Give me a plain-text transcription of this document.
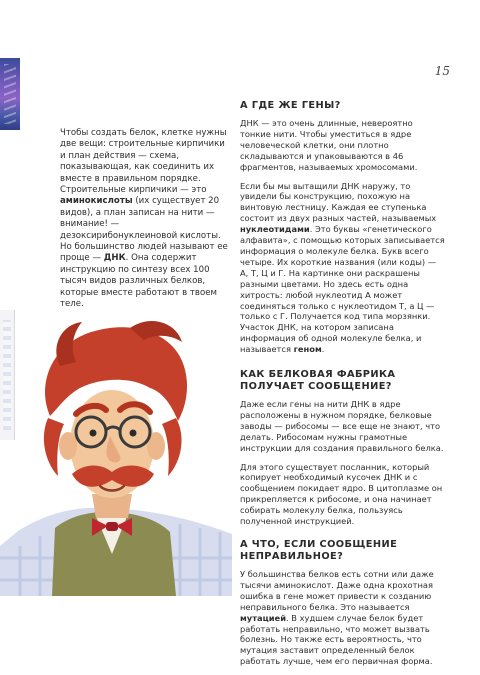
15

Чтобы создать белок, клетке нужны две вещи: строительные кирпичики и план действия — схема, показывающая, как соединить их вместе в правильном порядке. Строительные кирпичики — это аминокислоты (их существует 20 видов), а план записан на нити — внимание! — дезоксирибонуклеиновой кислоты. Но большинство людей называют ее проще — ДНК. Она содержит инструкцию по синтезу всех 100 тысяч видов различных белков, которые вместе работают в твоем теле.

А ГДЕ ЖЕ ГЕНЫ?

ДНК — это очень длинные, невероятно тонкие нити. Чтобы уместиться в ядре человеческой клетки, они плотно складываются и упаковываются в 46 фрагментов, называемых хромосомами.

Если бы мы вытащили ДНК наружу, то увидели бы конструкцию, похожую на винтовую лестницу. Каждая ее ступенька состоит из двух разных частей, называемых нуклеотидами. Это буквы «генетического алфавита», с помощью которых записывается информация о молекуле белка. Букв всего четыре. Их короткие названия (или коды) — А, Т, Ц и Г. На картинке они раскрашены разными цветами. Но здесь есть одна хитрость: любой нуклеотид А может соединяться только с нуклеотидом Т, а Ц — только с Г. Получается код типа морзянки. Участок ДНК, на котором записана информация об одной молекуле белка, и называется геном.

КАК БЕЛКОВАЯ ФАБРИКА ПОЛУЧАЕТ СООБЩЕНИЕ?

Даже если гены на нити ДНК в ядре расположены в нужном порядке, белковые заводы — рибосомы — все еще не знают, что делать. Рибосомам нужны грамотные инструкции для создания правильного белка.

Для этого существует посланник, который копирует необходимый кусочек ДНК и с сообщением покидает ядро. В цитоплазме он прикрепляется к рибосоме, и она начинает собирать молекулу белка, пользуясь полученной инструкцией.

А ЧТО, ЕСЛИ СООБЩЕНИЕ НЕПРАВИЛЬНОЕ?

У большинства белков есть сотни или даже тысячи аминокислот. Даже одна крохотная ошибка в гене может привести к созданию неправильного белка. Это называется мутацией. В худшем случае белок будет работать неправильно, что может вызвать болезнь. Но также есть вероятность, что мутация заставит определенный белок работать лучше, чем его первичная форма.
